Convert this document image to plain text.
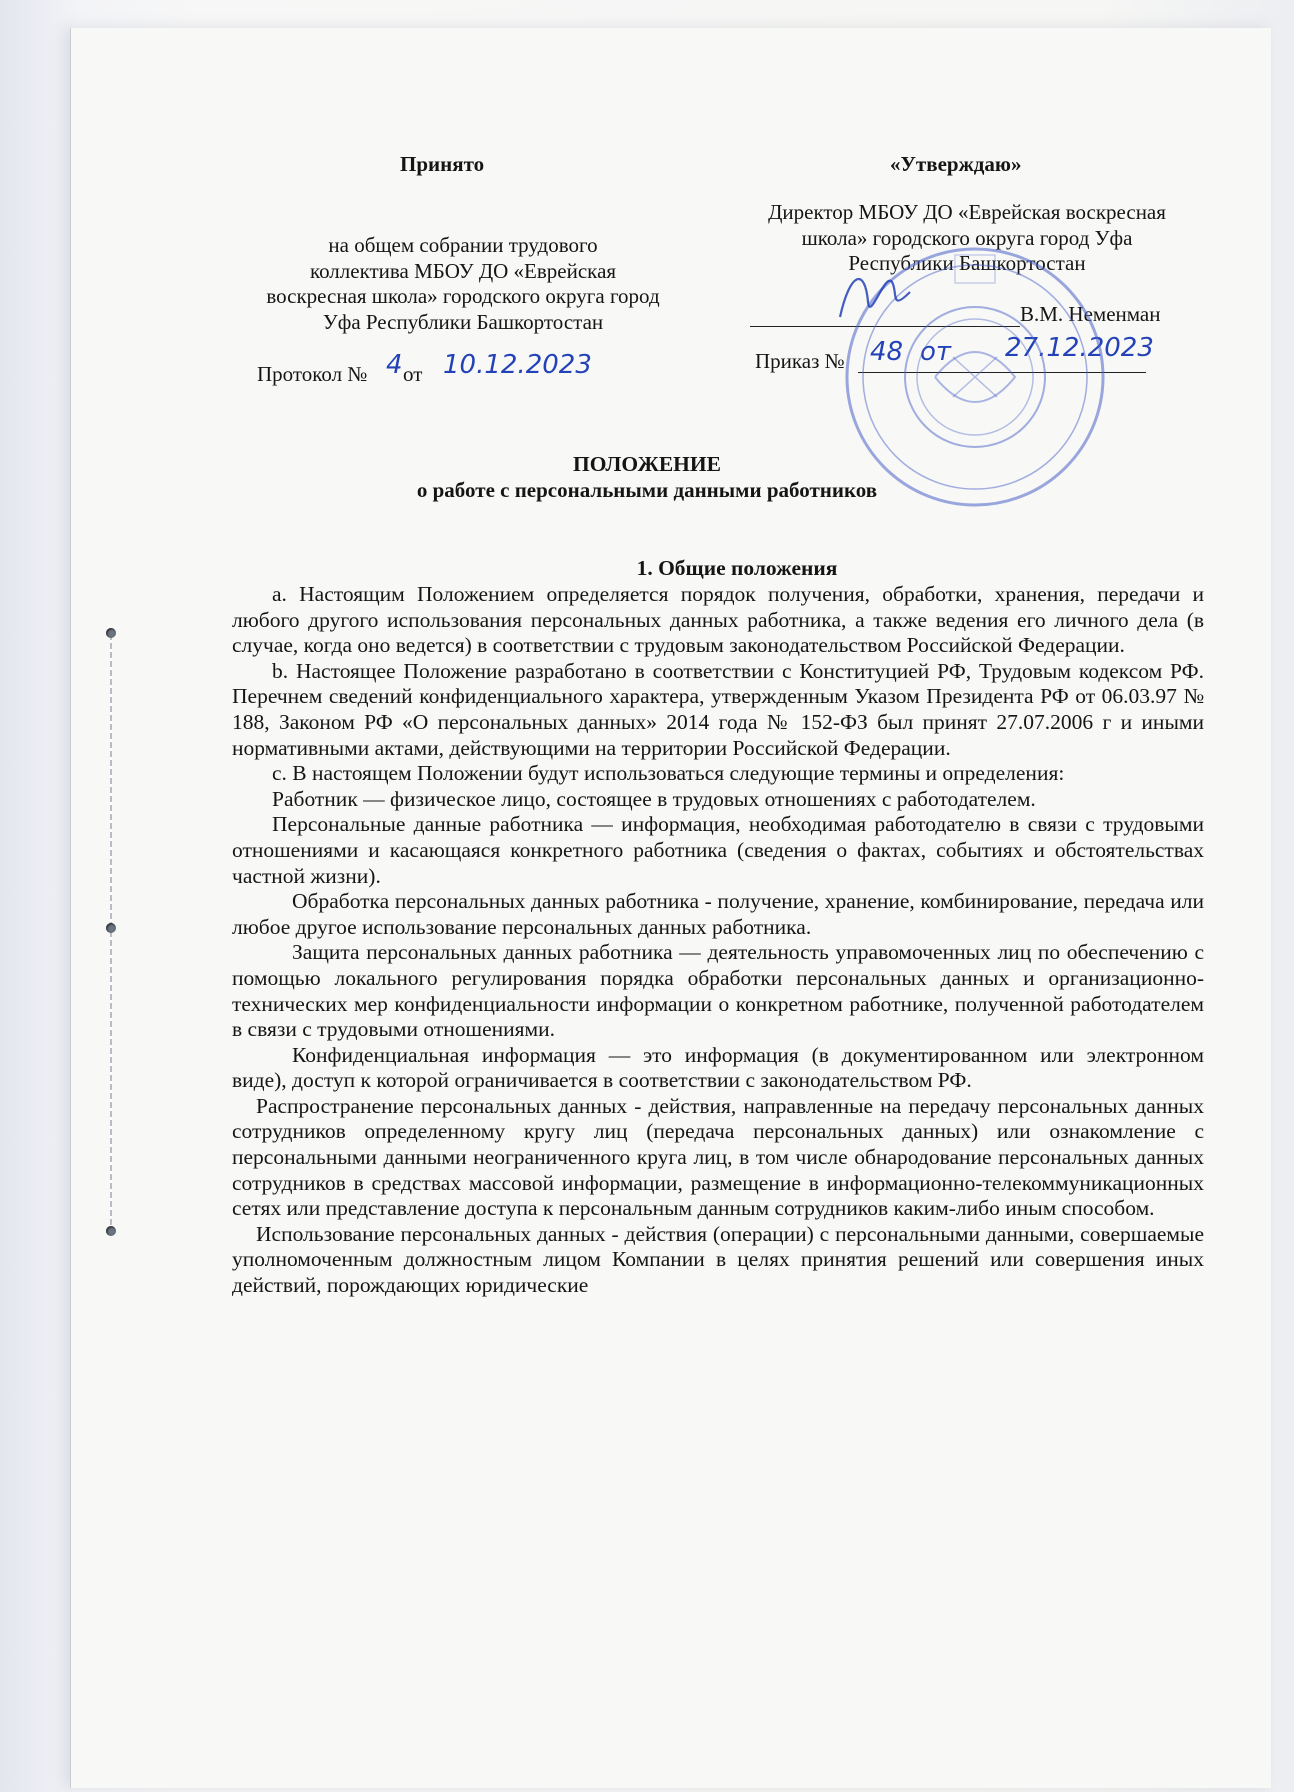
Принято
на общем собрании трудового
коллектива МБОУ ДО «Еврейская
воскресная школа» городского округа город
Уфа Республики Башкортостан
Протокол № 4 от 10.12.2023
«Утверждаю»
Директор МБОУ ДО «Еврейская воскресная
школа» городского округа город Уфа
Республики Башкортостан
В.М. Неменман
Приказ № 48 от 27.12.2023
ПОЛОЖЕНИЕ
о работе с персональными данными работников
1. Общие положения

a. Настоящим Положением определяется порядок получения, обработки, хранения, передачи и любого другого использования персональных данных работника, а также ведения его личного дела (в случае, когда оно ведется) в соответствии с трудовым законодательством Российской Федерации.

b. Настоящее Положение разработано в соответствии с Конституцией РФ, Трудовым кодексом РФ. Перечнем сведений конфиденциального характера, утвержденным Указом Президента РФ от 06.03.97 № 188, Законом РФ «О персональных данных» 2014 года № 152-ФЗ был принят 27.07.2006 г и иными нормативными актами, действующими на территории Российской Федерации.

c. В настоящем Положении будут использоваться следующие термины и определения:

Работник — физическое лицо, состоящее в трудовых отношениях с работодателем.

Персональные данные работника — информация, необходимая работодателю в связи с трудовыми отношениями и касающаяся конкретного работника (сведения о фактах, событиях и обстоятельствах частной жизни).

Обработка персональных данных работника - получение, хранение, комбинирование, передача или любое другое использование персональных данных работника.

Защита персональных данных работника — деятельность управомоченных лиц по обеспечению с помощью локального регулирования порядка обработки персональных данных и организационно-технических мер конфиденциальности информации о конкретном работнике, полученной работодателем в связи с трудовыми отношениями.

Конфиденциальная информация — это информация (в документированном или электронном виде), доступ к которой ограничивается в соответствии с законодательством РФ.

Распространение персональных данных - действия, направленные на передачу персональных данных сотрудников определенному кругу лиц (передача персональных данных) или ознакомление с персональными данными неограниченного круга лиц, в том числе обнародование персональных данных сотрудников в средствах массовой информации, размещение в информационно-телекоммуникационных сетях или представление доступа к персональным данным сотрудников каким-либо иным способом.

Использование персональных данных - действия (операции) с персональными данными, совершаемые уполномоченным должностным лицом Компании в целях принятия решений или совершения иных действий, порождающих юридические
